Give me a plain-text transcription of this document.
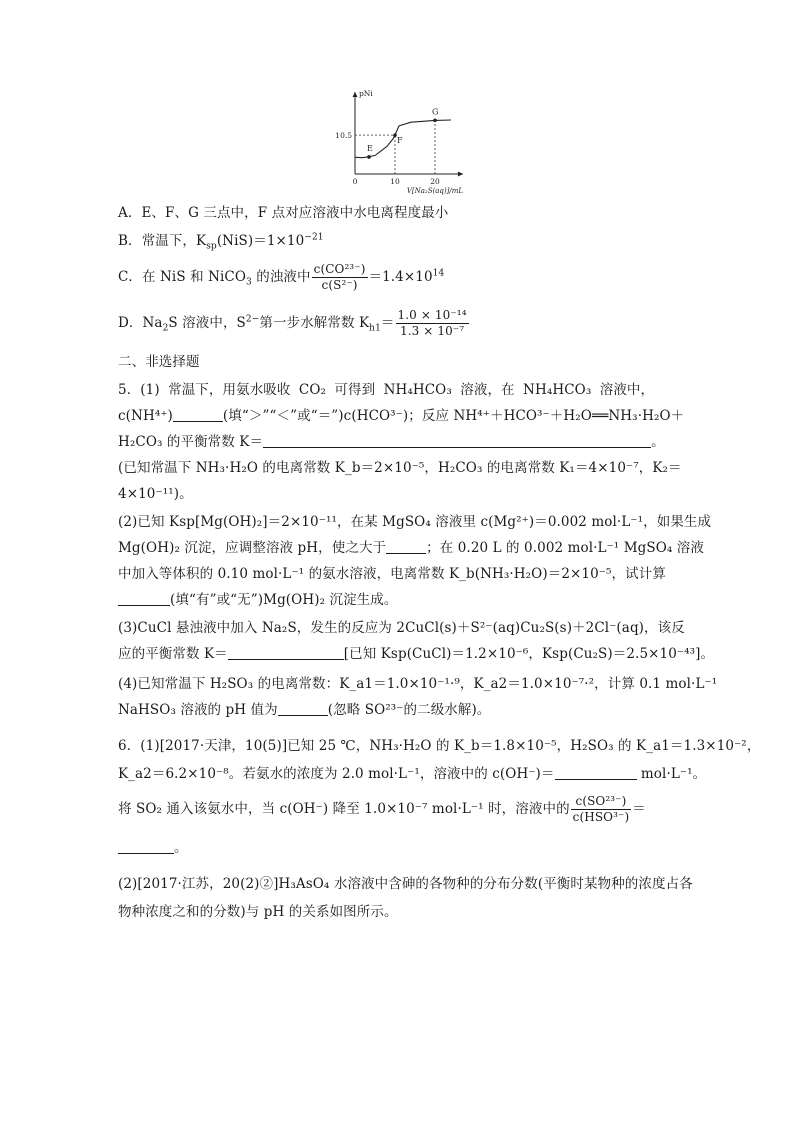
E
F
G
0	10	20
10.5
pNi
V[Na₂S(aq)]/mL
A．E、F、G 三点中，F 点对应溶液中水电离程度最小
B．常温下，$K_{sp}(NiS)=1\times 10^{-21}$
C．在 NiS 和 NiCO$_3$ 的浊液中 $\frac{\text{c(CO²³⁻)}}{\text{c(S²⁻)}} =1.4\times 10^{14}$
D．$Na_2S$ 溶液中，$S^{2-}$第一步水解常数 $K_{h1}= \frac{\text{1.0 × 10⁻¹⁴}}{\text{1.3 × 10⁻⁷}}$
二、非选择题
5．(1) 常温下，用氨水吸收 CO₂ 可得到 NH₄HCO₃ 溶液，在 NH₄HCO₃ 溶液中，
c(NH⁴⁺)	(填“＞”“＜”或“＝”)c(HCO³⁻)；反应 NH⁴⁺＋HCO³⁻＋H₂O══NH₃·H₂O＋
H₂CO₃ 的平衡常数 K＝	。
(已知常温下 NH₃·H₂O 的电离常数 K_b＝2×10⁻⁵，H₂CO₃ 的电离常数 K₁＝4×10⁻⁷，K₂＝
4×10⁻¹¹)。
(2)已知 Ksp[Mg(OH)₂]＝2×10⁻¹¹，在某 MgSO₄ 溶液里 c(Mg²⁺)＝0.002 mol·L⁻¹，如果生成
Mg(OH)₂ 沉淀，应调整溶液 pH，使之大于	；在 0.20 L 的 0.002 mol·L⁻¹ MgSO₄ 溶液
中加入等体积的 0.10 mol·L⁻¹ 的氨水溶液，电离常数 K_b(NH₃·H₂O)＝2×10⁻⁵，试计算
(填“有”或“无”)Mg(OH)₂ 沉淀生成。
(3)CuCl 悬浊液中加入 Na₂S，发生的反应为 2CuCl(s)＋S²⁻(aq)Cu₂S(s)＋2Cl⁻(aq)，该反
应的平衡常数 K＝	[已知 Ksp(CuCl)＝1.2×10⁻⁶，Ksp(Cu₂S)＝2.5×10⁻⁴³]。
(4)已知常温下 H₂SO₃ 的电离常数：K_a1＝1.0×10⁻¹·⁹，K_a2＝1.0×10⁻⁷·²，计算 0.1 mol·L⁻¹
NaHSO₃ 溶液的 pH 值为	(忽略 SO²³⁻的二级水解)。
6．(1)[2017·天津，10(5)]已知 25 ℃，NH₃·H₂O 的 K_b＝1.8×10⁻⁵，H₂SO₃ 的 K_a1＝1.3×10⁻²，
K_a2＝6.2×10⁻⁸。若氨水的浓度为 2.0 mol·L⁻¹，溶液中的 c(OH⁻)＝	mol·L⁻¹。
将 SO₂ 通入该氨水中，当 c(OH⁻) 降至 1.0×10⁻⁷ mol·L⁻¹ 时，溶液中的 $\frac{\text{c(SO²³⁻)}}{\text{c(HSO³⁻)}}$ ＝
。
(2)[2017·江苏，20(2)②]H₃AsO₄ 水溶液中含砷的各物种的分布分数(平衡时某物种的浓度占各
物种浓度之和的分数)与 pH 的关系如图所示。
